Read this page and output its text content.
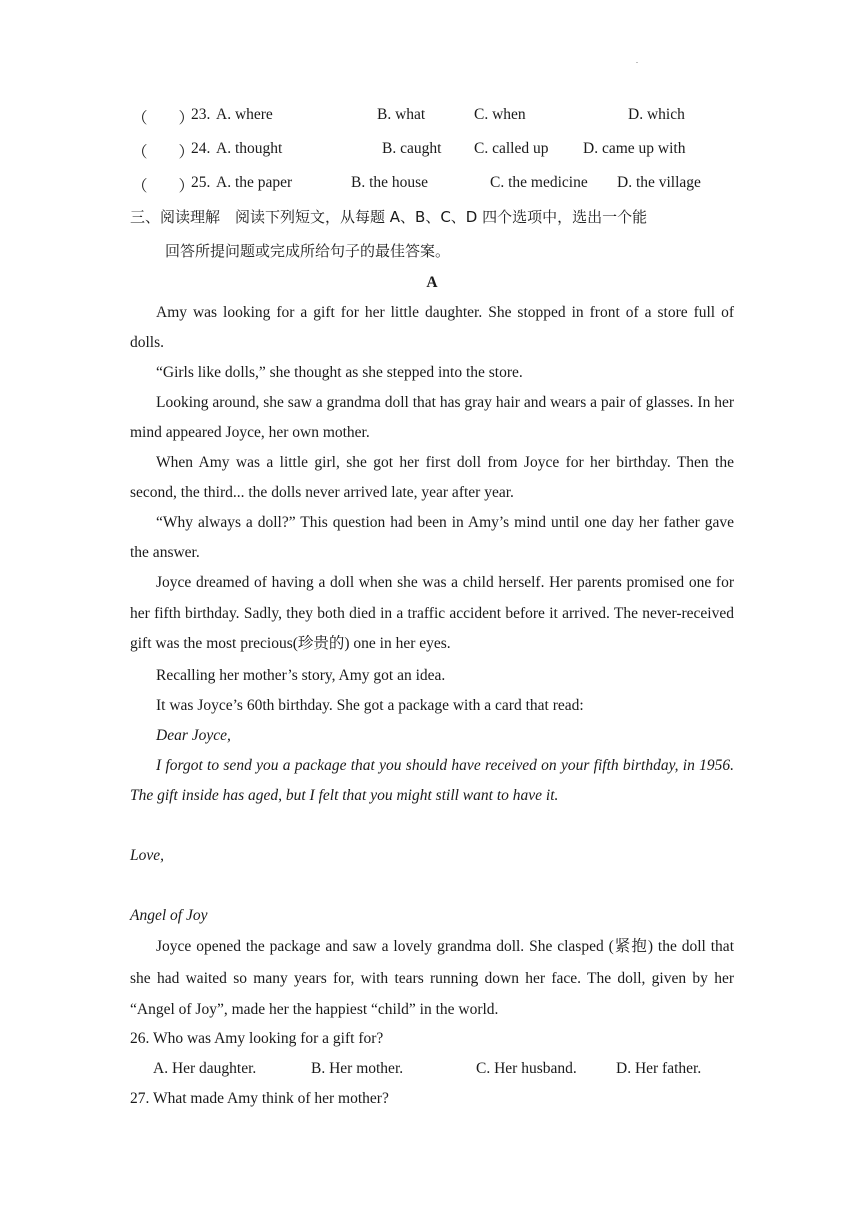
.
（　　）
23. A. where	B. what	C. when	D. which
（　　）
24. A. thought	B. caught C. called up D. came up with
（　　）
25. A. the paper	B. the house	C. the medicine D. the village
三、阅读理解　阅读下列短文，从每题 A、B、C、D 四个选项中，选出一个能
回答所提问题或完成所给句子的最佳答案。
A
Amy was looking for a gift for her little daughter. She stopped in front of a store full of dolls.
“Girls like dolls,” she thought as she stepped into the store.
Looking around, she saw a grandma doll that has gray hair and wears a pair of glasses. In her mind appeared Joyce, her own mother.
When Amy was a little girl, she got her first doll from Joyce for her birthday. Then the second, the third... the dolls never arrived late, year after year.
“Why always a doll?” This question had been in Amy’s mind until one day her father gave the answer.
Joyce dreamed of having a doll when she was a child herself. Her parents promised one for her fifth birthday. Sadly, they both died in a traffic accident before it arrived. The never-received gift was the most precious(珍贵的) one in her eyes.
Recalling her mother’s story, Amy got an idea.
It was Joyce’s 60th birthday. She got a package with a card that read:
Dear Joyce,
I forgot to send you a package that you should have received on your fifth birthday, in 1956. The gift inside has aged, but I felt that you might still want to have it.
Love,
Angel of Joy
Joyce opened the package and saw a lovely grandma doll. She clasped (紧抱) the doll that she had waited so many years for, with tears running down her face. The doll, given by her “Angel of Joy”, made her the happiest “child” in the world.
26. Who was Amy looking for a gift for?
A. Her daughter.	B. Her mother.	C. Her husband.	D. Her father.
27. What made Amy think of her mother?
